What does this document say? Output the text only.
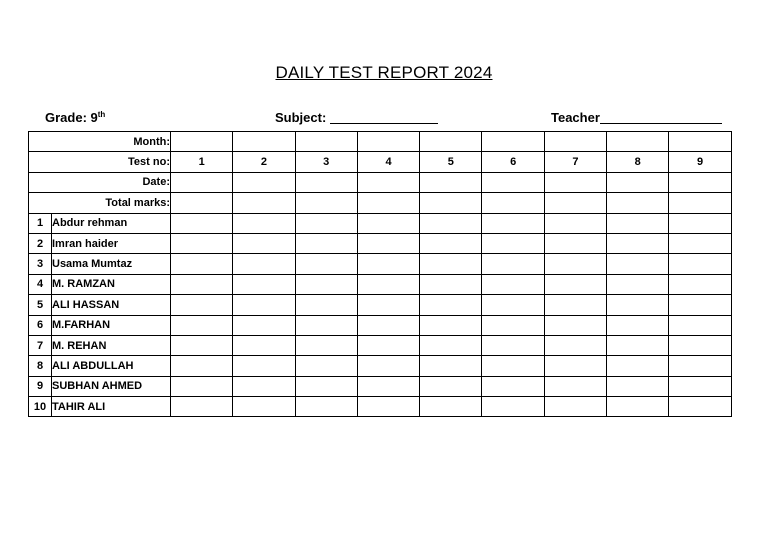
DAILY TEST REPORT 2024
Grade: 9th	Subject:	Teacher
Month:										
Test no:		1	2	3	4	5	6	7	8	9
Date:										
Total marks:										
1	Abdur rehman									
2	Imran haider									
3	Usama Mumtaz									
4	M. RAMZAN									
5	ALI HASSAN									
6	M.FARHAN									
7	M. REHAN									
8	ALI ABDULLAH									
9	SUBHAN AHMED									
10	TAHIR ALI									
